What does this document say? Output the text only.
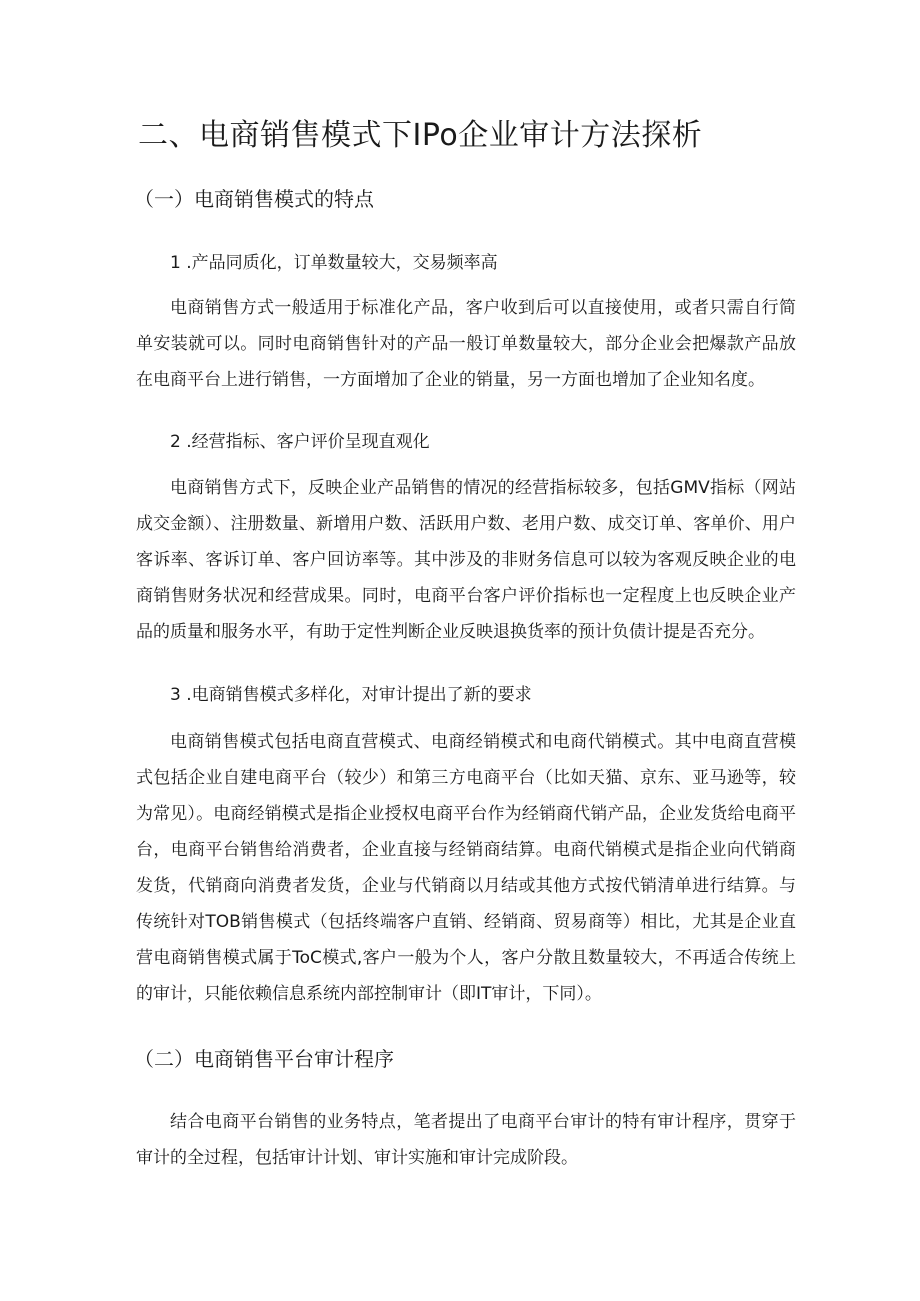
二、电商销售模式下IPo企业审计方法探析
（一）电商销售模式的特点
1 .产品同质化，订单数量较大，交易频率高
电商销售方式一般适用于标准化产品，客户收到后可以直接使用，或者只需自行简单安装就可以。同时电商销售针对的产品一般订单数量较大，部分企业会把爆款产品放在电商平台上进行销售，一方面增加了企业的销量，另一方面也增加了企业知名度。
2 .经营指标、客户评价呈现直观化
电商销售方式下，反映企业产品销售的情况的经营指标较多，包括GMV指标（网站成交金额）、注册数量、新增用户数、活跃用户数、老用户数、成交订单、客单价、用户客诉率、客诉订单、客户回访率等。其中涉及的非财务信息可以较为客观反映企业的电商销售财务状况和经营成果。同时，电商平台客户评价指标也一定程度上也反映企业产品的质量和服务水平，有助于定性判断企业反映退换货率的预计负债计提是否充分。
3 .电商销售模式多样化，对审计提出了新的要求
电商销售模式包括电商直营模式、电商经销模式和电商代销模式。其中电商直营模式包括企业自建电商平台（较少）和第三方电商平台（比如天猫、京东、亚马逊等，较为常见）。电商经销模式是指企业授权电商平台作为经销商代销产品，企业发货给电商平台，电商平台销售给消费者，企业直接与经销商结算。电商代销模式是指企业向代销商发货，代销商向消费者发货，企业与代销商以月结或其他方式按代销清单进行结算。与传统针对TOB销售模式（包括终端客户直销、经销商、贸易商等）相比，尤其是企业直营电商销售模式属于ToC模式,客户一般为个人，客户分散且数量较大，不再适合传统上的审计，只能依赖信息系统内部控制审计（即IT审计，下同）。
（二）电商销售平台审计程序
结合电商平台销售的业务特点，笔者提出了电商平台审计的特有审计程序，贯穿于审计的全过程，包括审计计划、审计实施和审计完成阶段。
